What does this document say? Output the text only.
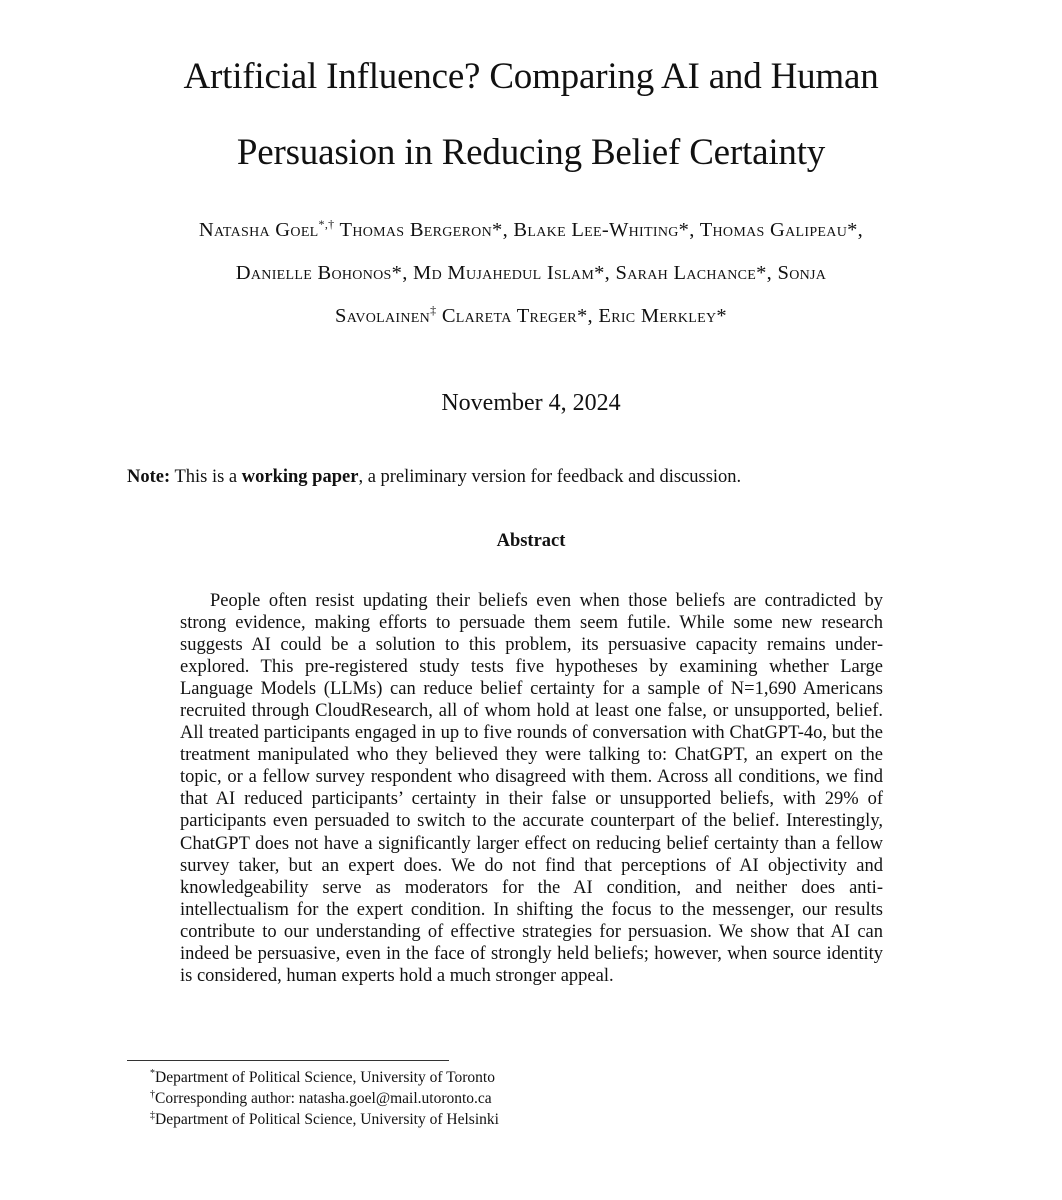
Artificial Influence? Comparing AI and Human
Persuasion in Reducing Belief Certainty
Natasha Goel*,† Thomas Bergeron*, Blake Lee-Whiting*, Thomas Galipeau*,
Danielle Bohonos*, Md Mujahedul Islam*, Sarah Lachance*, Sonja
Savolainen‡ Clareta Treger*, Eric Merkley*
November 4, 2024
Note: This is a working paper, a preliminary version for feedback and discussion.
Abstract

People often resist updating their beliefs even when those beliefs are contradicted by strong evidence, making efforts to persuade them seem futile. While some new research suggests AI could be a solution to this problem, its persuasive capacity remains under-explored. This pre-registered study tests five hypotheses by examining whether Large Language Models (LLMs) can reduce belief certainty for a sample of N=1,690 Americans recruited through CloudResearch, all of whom hold at least one false, or unsupported, belief. All treated participants engaged in up to five rounds of conversation with ChatGPT-4o, but the treatment manipulated who they believed they were talking to: ChatGPT, an expert on the topic, or a fellow survey respondent who disagreed with them. Across all conditions, we find that AI reduced participants’ certainty in their false or unsupported beliefs, with 29% of participants even persuaded to switch to the accurate counterpart of the belief. Interestingly, ChatGPT does not have a significantly larger effect on reducing belief certainty than a fellow survey taker, but an expert does. We do not find that perceptions of AI objectivity and knowledgeability serve as moderators for the AI condition, and neither does anti-intellectualism for the expert condition. In shifting the focus to the messenger, our results contribute to our understanding of effective strategies for persuasion. We show that AI can indeed be persuasive, even in the face of strongly held beliefs; however, when source identity is considered, human experts hold a much stronger appeal.

*Department of Political Science, University of Toronto
†Corresponding author: natasha.goel@mail.utoronto.ca
‡Department of Political Science, University of Helsinki
